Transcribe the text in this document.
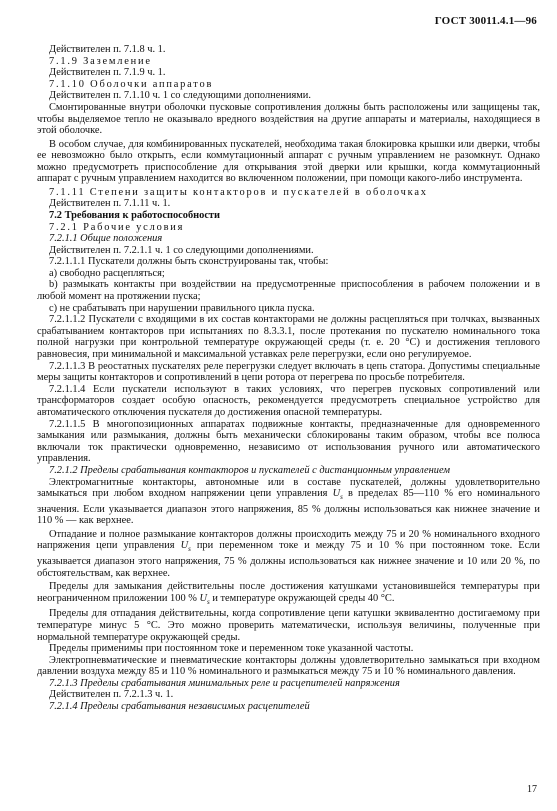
ГОСТ 30011.4.1—96

Действителен п. 7.1.8 ч. 1.

7.1.9 Заземление

Действителен п. 7.1.9 ч. 1.

7.1.10 Оболочки аппаратов

Действителен п. 7.1.10 ч. 1 со следующими дополнениями.

Смонтированные внутри оболочки пусковые сопротивления должны быть расположены или защищены так, чтобы выделяемое тепло не оказывало вредного воздействия на другие аппараты и материалы, находящиеся в этой оболочке.

В особом случае, для комбинированных пускателей, необходима такая блокировка крышки или дверки, чтобы ее невозможно было открыть, если коммутационный аппарат с ручным управлением не разомкнут. Однако можно предусмотреть приспособление для открывания этой дверки или крышки, когда коммутационный аппарат с ручным управлением находится во включенном положении, при помощи какого-либо инструмента.

7.1.11 Степени защиты контакторов и пускателей в оболочках

Действителен п. 7.1.11 ч. 1.

7.2 Требования к работоспособности

7.2.1 Рабочие условия

7.2.1.1 Общие положения

Действителен п. 7.2.1.1 ч. 1 со следующими дополнениями.

7.2.1.1.1 Пускатели должны быть сконструированы так, чтобы:

а) свободно расцепляться;

b) размыкать контакты при воздействии на предусмотренные приспособления в рабочем положении и в любой момент на протяжении пуска;

с) не срабатывать при нарушении правильного цикла пуска.

7.2.1.1.2 Пускатели с входящими в их состав контакторами не должны расцепляться при толчках, вызванных срабатыванием контакторов при испытаниях по 8.3.3.1, после протекания по пускателю номинального тока полной нагрузки при контрольной температуре окружающей среды (т. е. 20 °С) и достижения теплового равновесия, при минимальной и максимальной уставках реле перегрузки, если оно регулируемое.

7.2.1.1.3 В реостатных пускателях реле перегрузки следует включать в цепь статора. Допустимы специальные меры защиты контакторов и сопротивлений в цепи ротора от перегрева по просьбе потребителя.

7.2.1.1.4 Если пускатели используют в таких условиях, что перегрев пусковых сопротивлений или трансформаторов создает особую опасность, рекомендуется предусмотреть специальное устройство для автоматического отключения пускателя до достижения опасной температуры.

7.2.1.1.5 В многопозиционных аппаратах подвижные контакты, предназначенные для одновременного замыкания или размыкания, должны быть механически сблокированы таким образом, чтобы все полюса включали ток практически одновременно, независимо от использования ручного или автоматического управления.

7.2.1.2 Пределы срабатывания контакторов и пускателей с дистанционным управлением

Электромагнитные контакторы, автономные или в составе пускателей, должны удовлетворительно замыкаться при любом входном напряжении цепи управления $U_s$ в пределах 85—110 % его номинального значения. Если указывается диапазон этого напряжения, 85 % должны использоваться как нижнее значение и 110 % — как верхнее.

Отпадание и полное размыкание контакторов должны происходить между 75 и 20 % номинального входного напряжения цепи управления $U_s$ при переменном токе и между 75 и 10 % при постоянном токе. Если указывается диапазон этого напряжения, 75 % должны использоваться как нижнее значение и 10 или 20 %, по обстоятельствам, как верхнее.

Пределы для замыкания действительны после достижения катушками установившейся температуры при неограниченном приложении 100 % $U_s$ и температуре окружающей среды 40 °С.

Пределы для отпадания действительны, когда сопротивление цепи катушки эквивалентно достигаемому при температуре минус 5 °С. Это можно проверить математически, используя величины, полученные при нормальной температуре окружающей среды.

Пределы применимы при постоянном токе и переменном токе указанной частоты.

Электропневматические и пневматические контакторы должны удовлетворительно замыкаться при входном давлении воздуха между 85 и 110 % номинального и размыкаться между 75 и 10 % номинального давления.

7.2.1.3 Пределы срабатывания минимальных реле и расцепителей напряжения

Действителен п. 7.2.1.3 ч. 1.

7.2.1.4 Пределы срабатывания независимых расцепителей

17
